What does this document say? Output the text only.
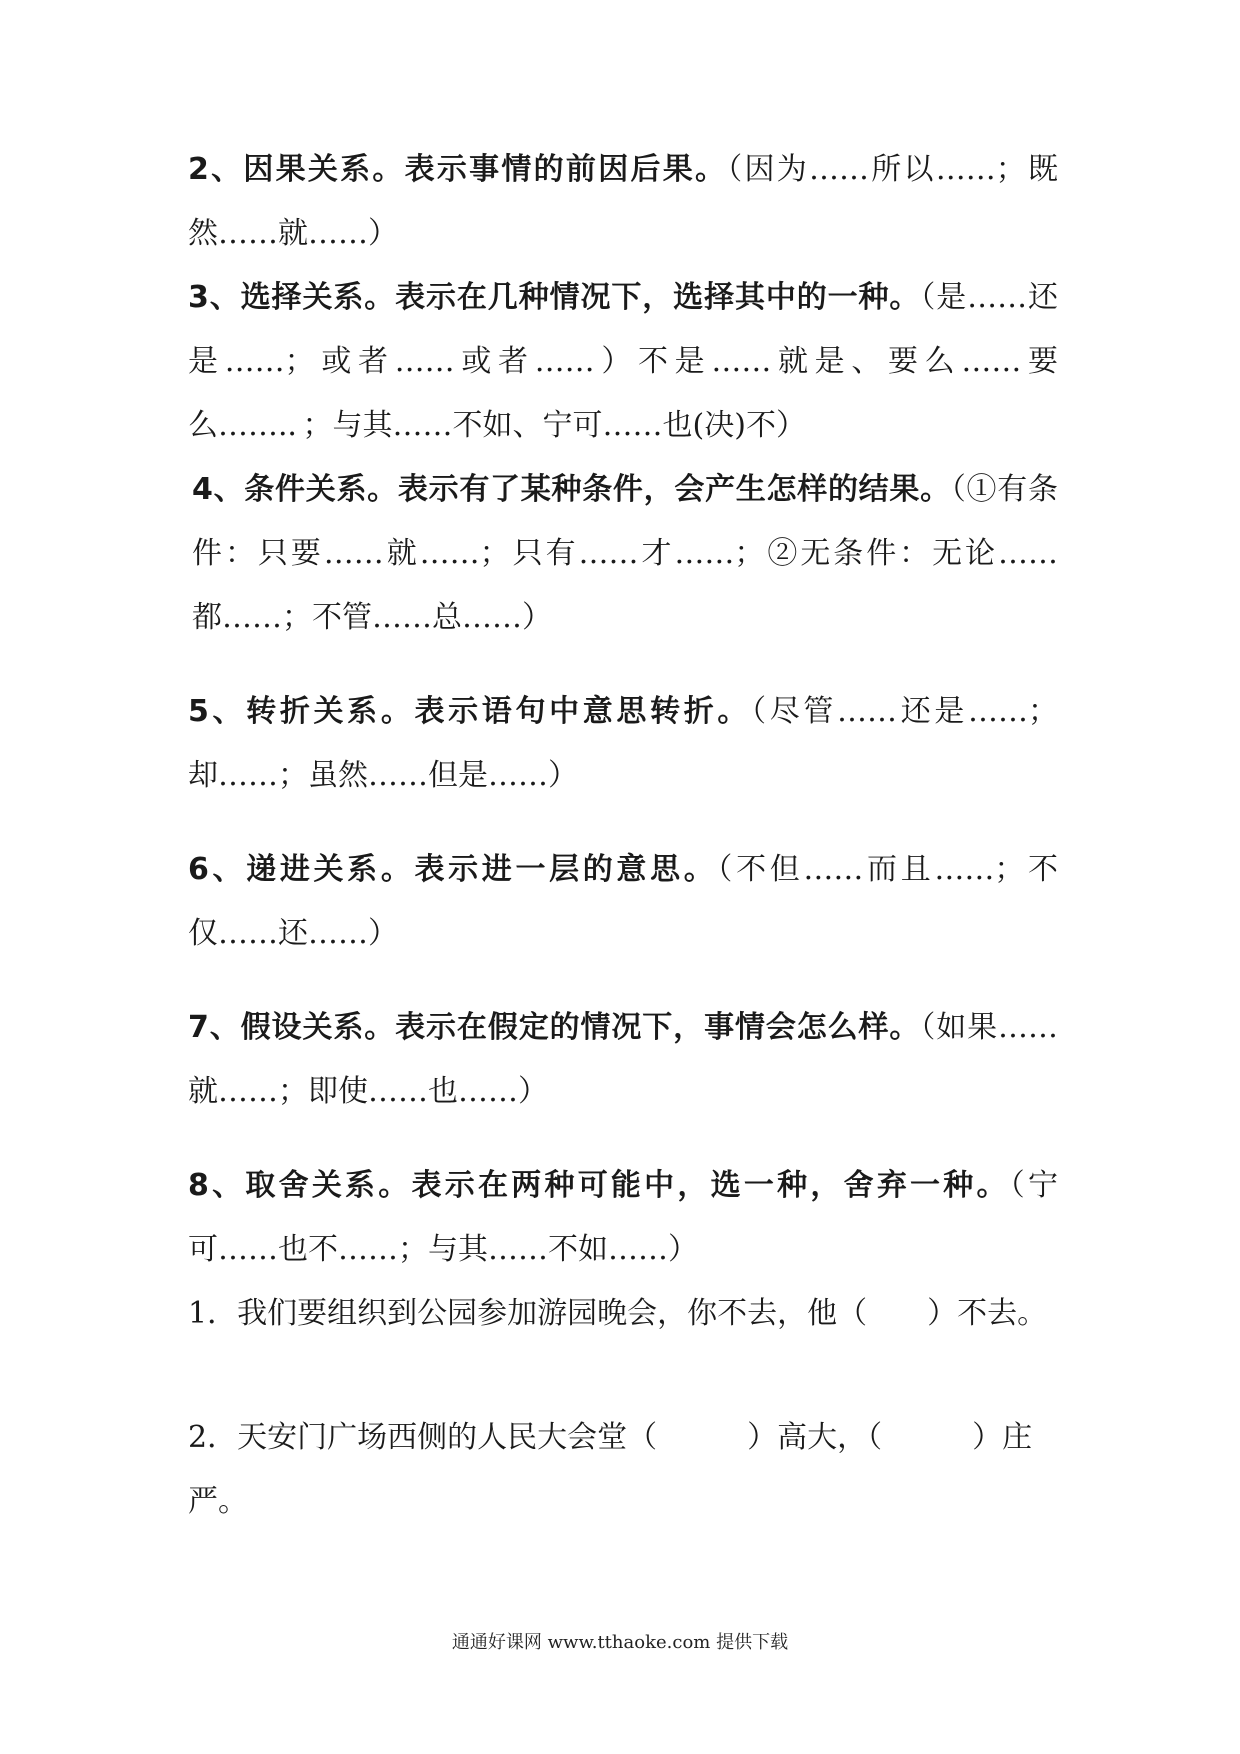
2、因果关系。表示事情的前因后果。（因为……所以……；既然……就……）

3、选择关系。表示在几种情况下，选择其中的一种。（是……还是……；或者……或者……）不是……就是、要么……要么…….．；与其……不如、宁可……也(决)不）

4、条件关系。表示有了某种条件，会产生怎样的结果。（①有条件：只要……就……；只有……才……；②无条件：无论……都……；不管……总……）

5、转折关系。表示语句中意思转折。（尽管……还是……；却……；虽然……但是……）

6、递进关系。表示进一层的意思。（不但……而且……；不仅……还……）

7、假设关系。表示在假定的情况下，事情会怎么样。（如果……就……；即使……也……）

8、取舍关系。表示在两种可能中，选一种，舍弃一种。（宁可……也不……；与其……不如……）

1．我们要组织到公园参加游园晚会，你不去，他（　　）不去。

2．天安门广场西侧的人民大会堂（　　　）高大，（　　　）庄严。

通通好课网 www.tthaoke.com 提供下载
